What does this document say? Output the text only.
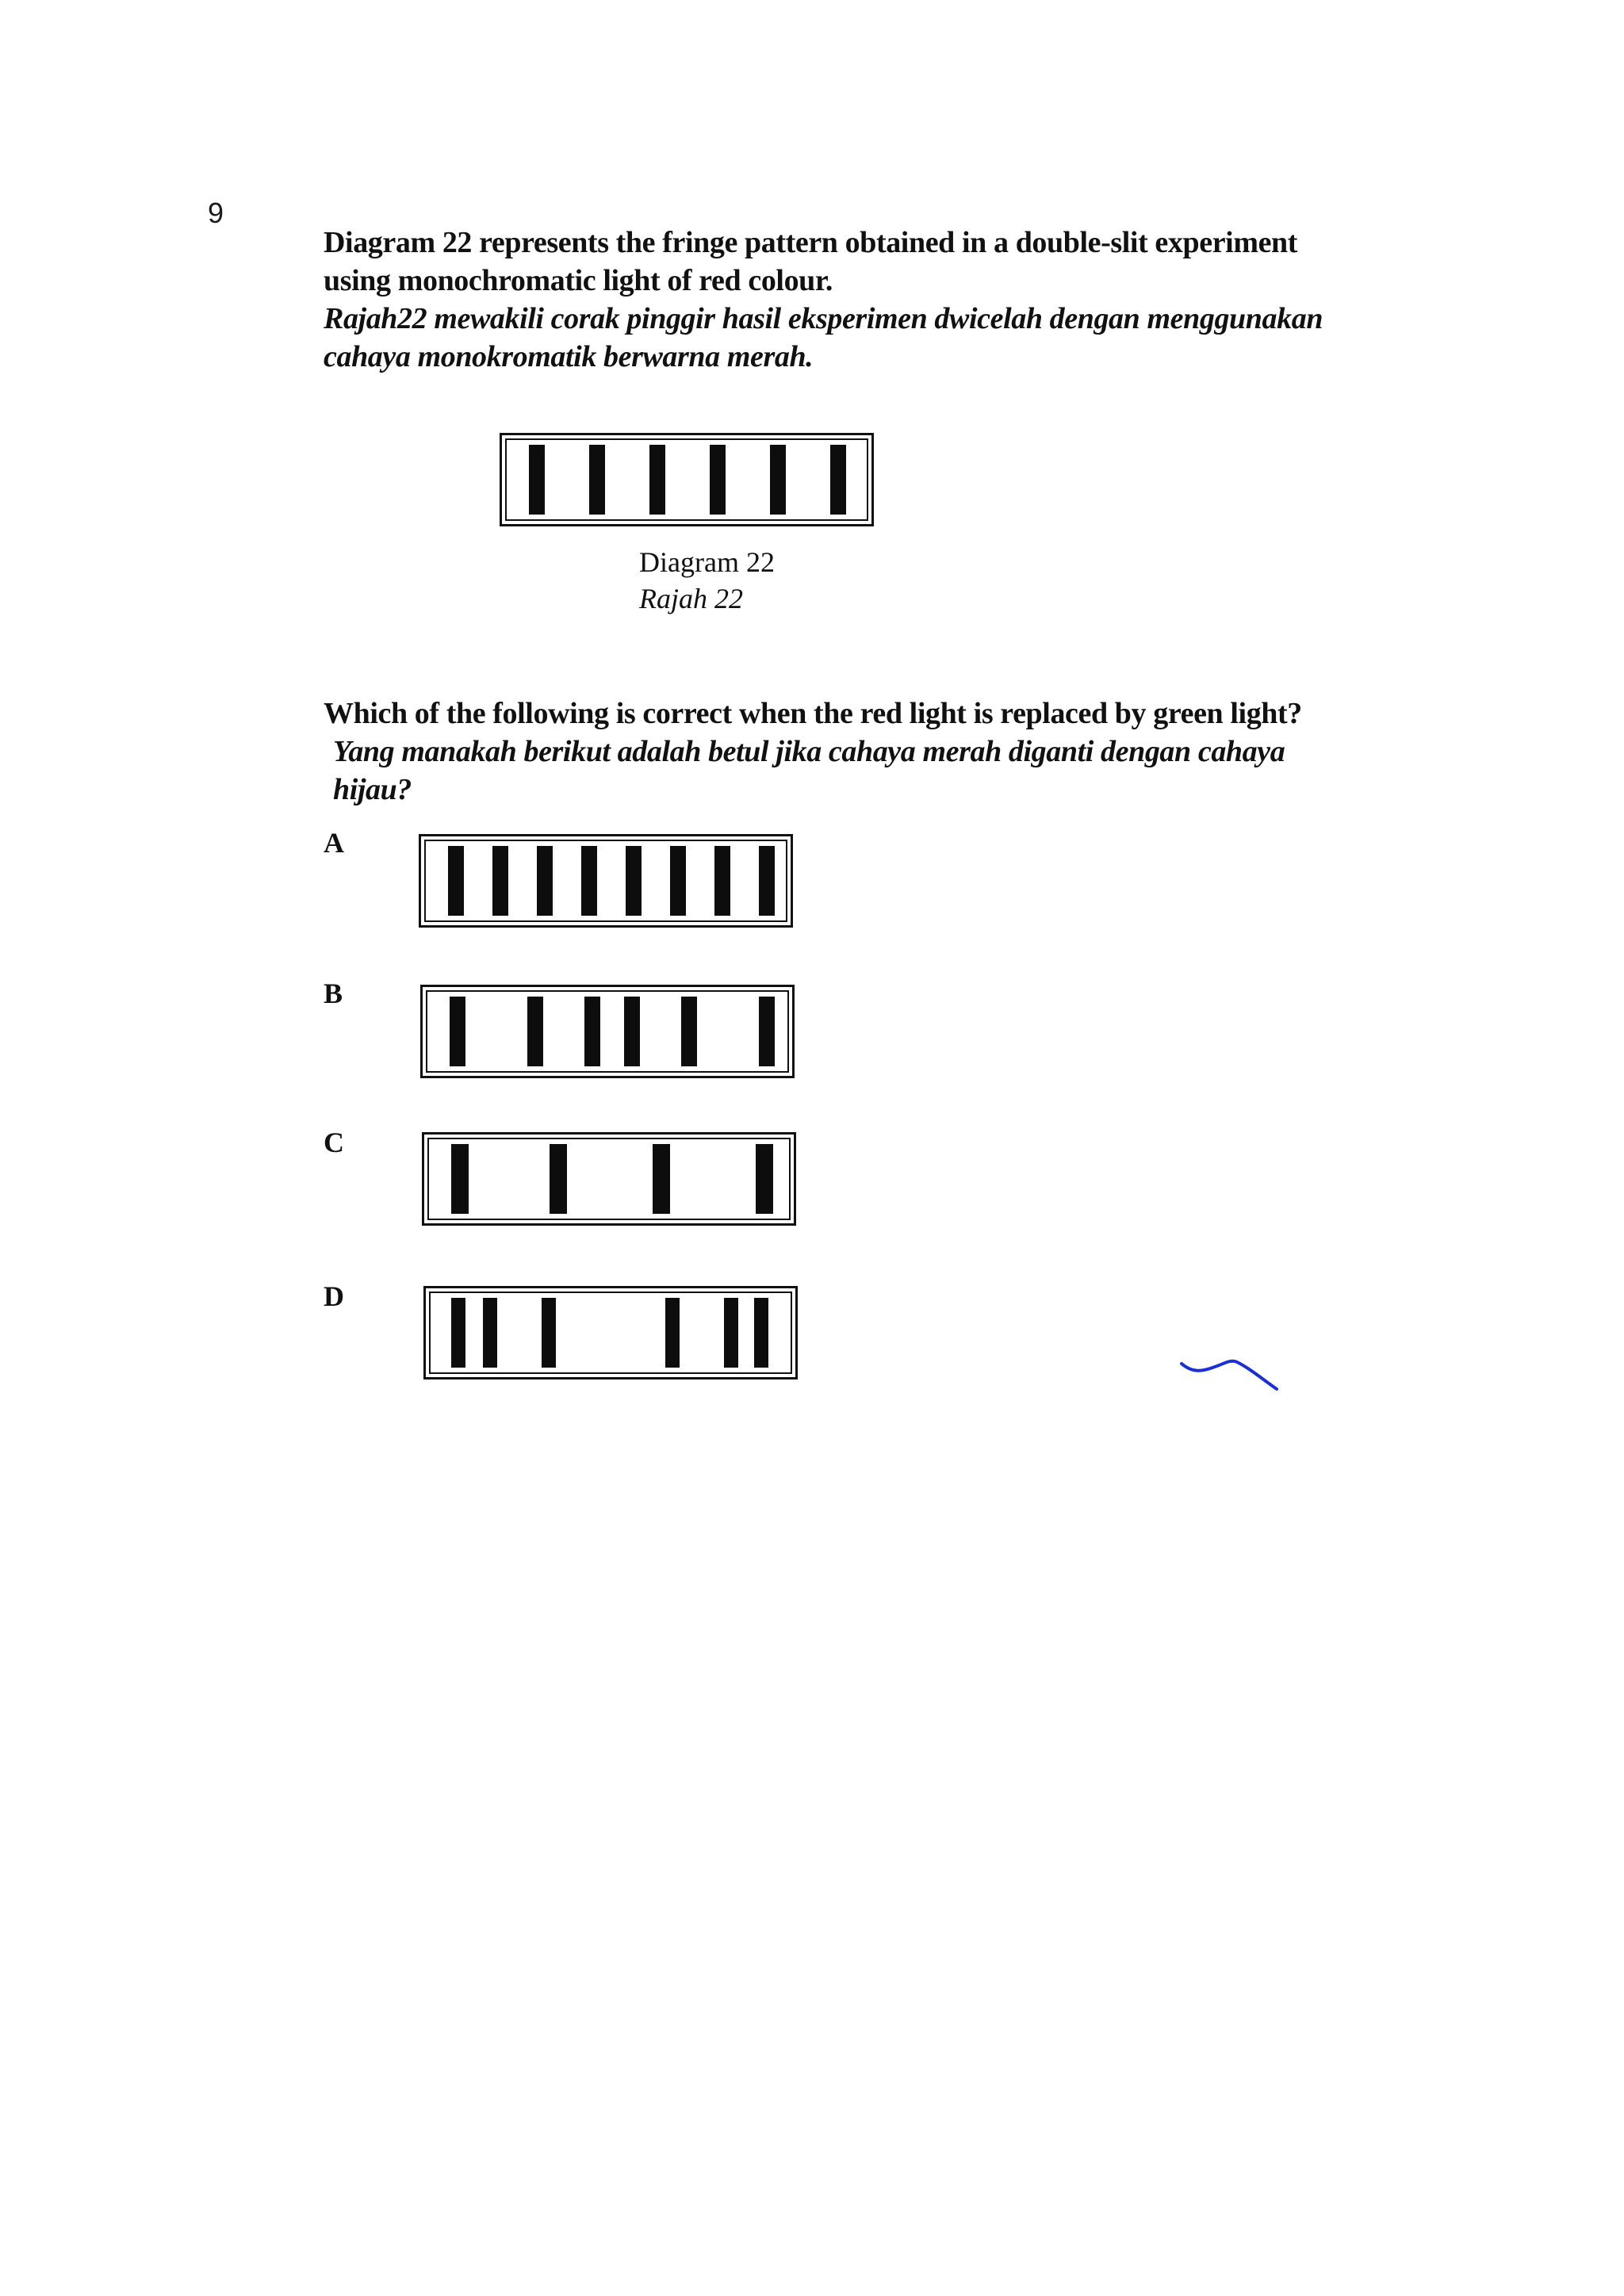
9
Diagram 22 represents the fringe pattern obtained in a double-slit experiment using monochromatic light of red colour.
Rajah22 mewakili corak pinggir hasil eksperimen dwicelah dengan menggunakan cahaya monokromatik berwarna merah.
Diagram 22
Rajah 22
Which of the following is correct when the red light is replaced by green light?
Yang manakah berikut adalah betul jika cahaya merah diganti dengan cahaya hijau?
A
B
C
D
